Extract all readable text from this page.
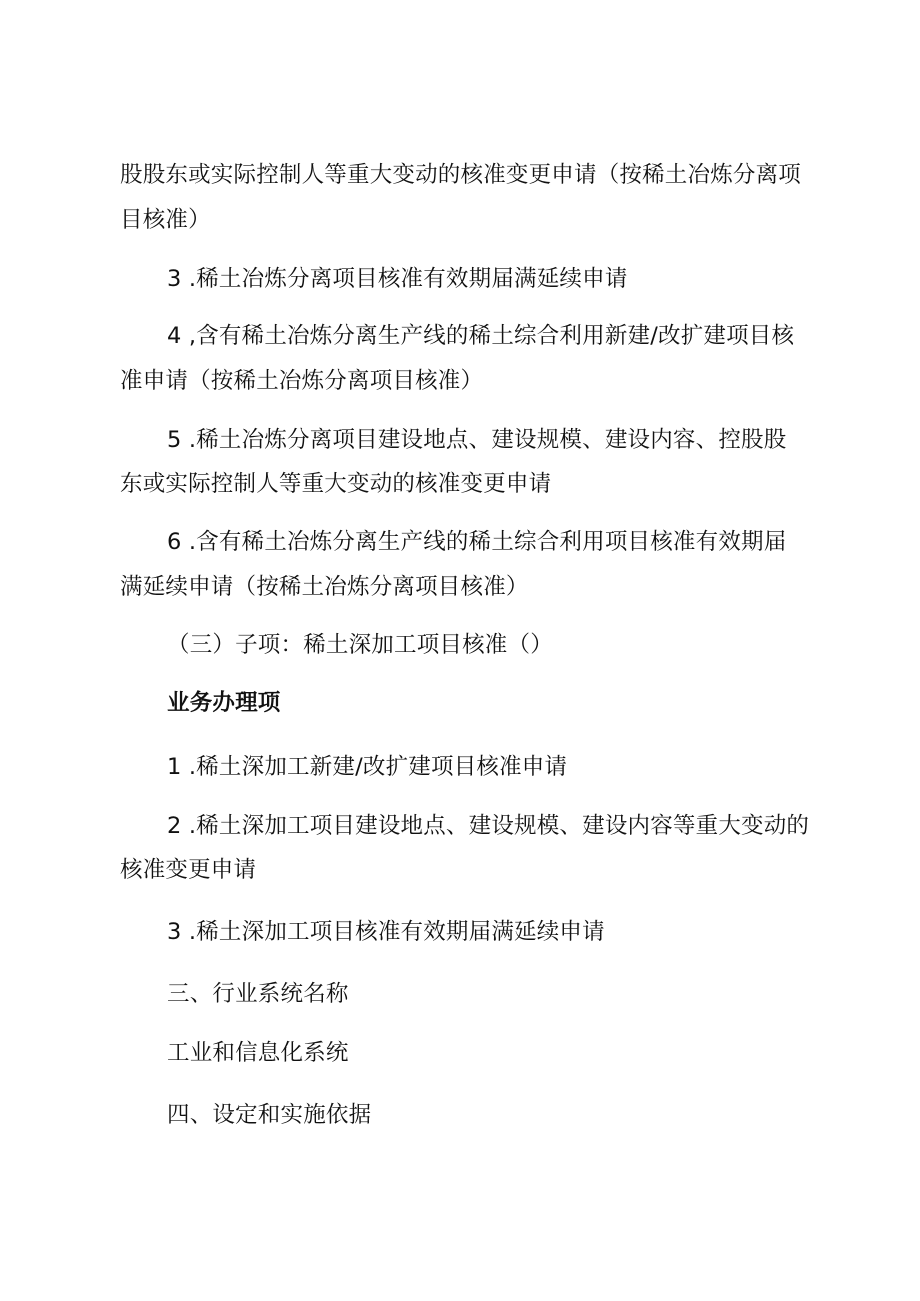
股股东或实际控制人等重大变动的核准变更申请（按稀土冶炼分离项
目核准）
3 .稀土冶炼分离项目核准有效期届满延续申请
4 ,含有稀土冶炼分离生产线的稀土综合利用新建/改扩建项目核
准申请（按稀土冶炼分离项目核准）
5 .稀土冶炼分离项目建设地点、建设规模、建设内容、控股股
东或实际控制人等重大变动的核准变更申请
6 .含有稀土冶炼分离生产线的稀土综合利用项目核准有效期届
满延续申请（按稀土冶炼分离项目核准）
（三）子项：稀土深加工项目核准（）
业务办理项
1 .稀土深加工新建/改扩建项目核准申请
2 .稀土深加工项目建设地点、建设规模、建设内容等重大变动的
核准变更申请
3 .稀土深加工项目核准有效期届满延续申请
三、行业系统名称
工业和信息化系统
四、设定和实施依据
